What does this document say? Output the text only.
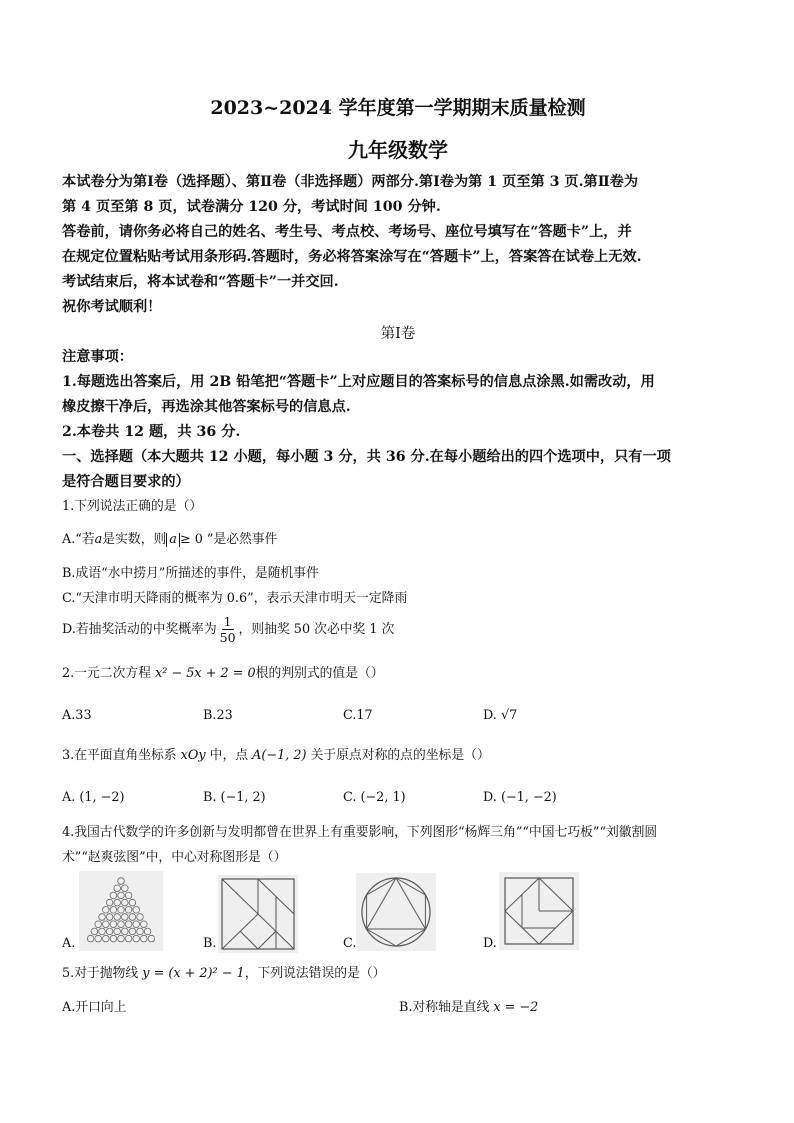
2023~2024 学年度第一学期期末质量检测
九年级数学

本试卷分为第Ⅰ卷（选择题）、第Ⅱ卷（非选择题）两部分.第Ⅰ卷为第 1 页至第 3 页.第Ⅱ卷为

第 4 页至第 8 页，试卷满分 120 分，考试时间 100 分钟.

答卷前，请你务必将自己的姓名、考生号、考点校、考场号、座位号填写在“答题卡”上，并

在规定位置粘贴考试用条形码.答题时，务必将答案涂写在“答题卡”上，答案答在试卷上无效.

考试结束后，将本试卷和“答题卡”一并交回.

祝你考试顺利！

第Ⅰ卷

注意事项：

1.每题选出答案后，用 2B 铅笔把“答题卡”上对应题目的答案标号的信息点涂黑.如需改动，用

橡皮擦干净后，再选涂其他答案标号的信息点.

2.本卷共 12 题，共 36 分.

一、选择题（本大题共 12 小题，每小题 3 分，共 36 分.在每小题给出的四个选项中，只有一项

是符合题目要求的）

1.下列说法正确的是（）
A.“若a是实数，则 a ≥ 0 ”是必然事件
B.成语“水中捞月”所描述的事件，是随机事件
C.“天津市明天降雨的概率为 0.6”，表示天津市明天一定降雨
D.若抽奖活动的中奖概率为 $\frac{1}{50}$ ，则抽奖 50 次必中奖 1 次
2.一元二次方程 x² − 5x + 2 = 0根的判别式的值是（）
A.33	B.23	C.17	D. √7
3.在平面直角坐标系 xOy 中，点 A(−1, 2) 关于原点对称的点的坐标是（）
A. (1, −2)	B. (−1, 2)	C. (−2, 1)	D. (−1, −2)
4.我国古代数学的许多创新与发明都曾在世界上有重要影响，下列图形“杨辉三角”“中国七巧板”“刘徽割圆
术”“赵爽弦图”中，中心对称图形是（）
A.	B.	C.	D.
5.对于抛物线 y = (x + 2)² − 1，下列说法错误的是（）
A.开口向上	B.对称轴是直线 x = −2
